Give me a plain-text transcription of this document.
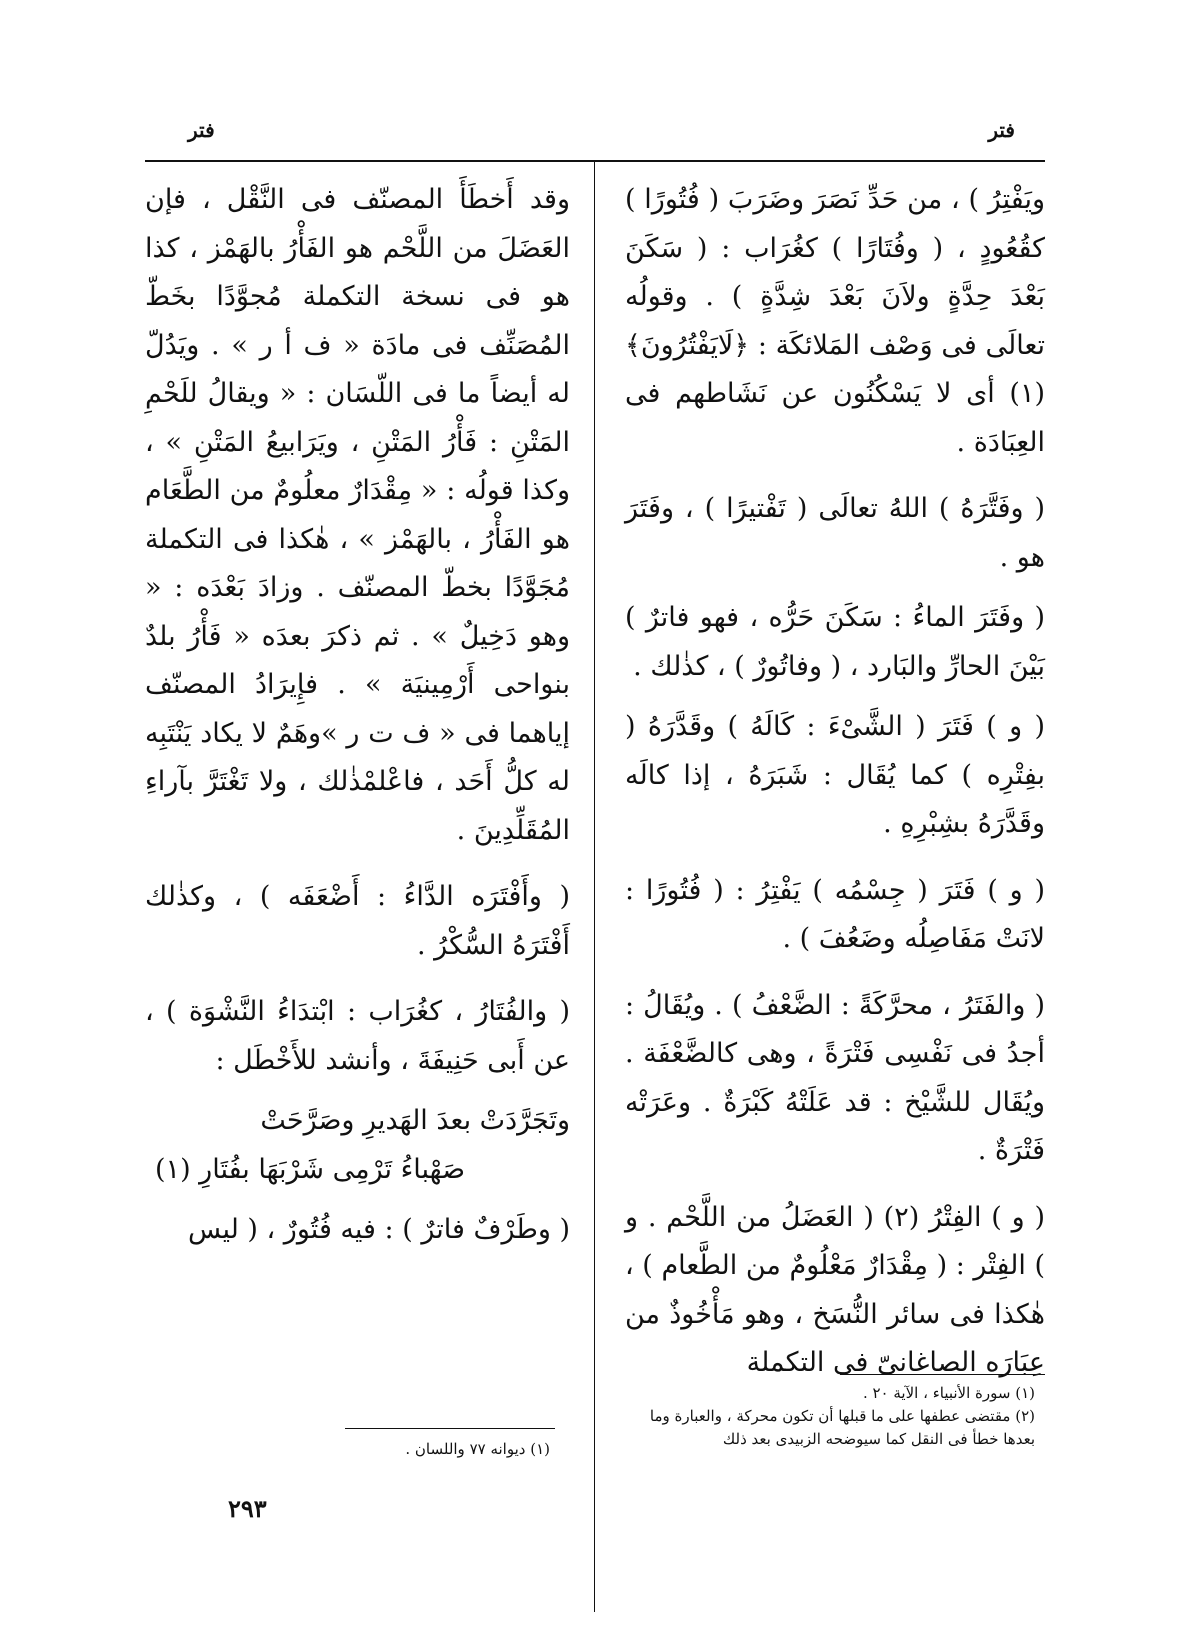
فتر
فتر

ويَفْتِرُ ) ، من حَدِّ نَصَرَ وضَرَبَ ( فُتُورًا ) كقُعُودٍ ، ( وفُتَارًا ) كغُرَاب : ( سَكَنَ بَعْدَ حِدَّةٍ ولاَنَ بَعْدَ شِدَّةٍ ) . وقولُه تعالَى فى وَصْف المَلائكَة : ﴿لَايَفْتُرُونَ﴾ (١) أى لا يَسْكُنُون عن نَشَاطهم فى العِبَادَة .

( وفَتَّرَهُ ) اللهُ تعالَى ( تَفْتيرًا ) ، وفَتَرَ هو .

( وفَتَرَ الماءُ : سَكَنَ حَرُّه ، فهو فاترٌ ) بَيْنَ الحارِّ والبَارد ، ( وفاتُورٌ ) ، كذٰلك .

( و ) فَتَرَ ( الشَّىْءَ : كَالَهُ ) وقَدَّرَهُ ( بفِتْرِه ) كما يُقَال : شَبَرَهُ ، إذا كالَه وقَدَّرَهُ بشِبْرِهِ .

( و ) فَتَرَ ( جِسْمُه ) يَفْتِرُ : ( فُتُورًا : لانَتْ مَفَاصِلُه وضَعُفَ ) .

( والفَتَرُ ، محرَّكَةً : الضَّعْفُ ) . ويُقَالُ : أجدُ فى نَفْسِى فَتْرَةً ، وهى كالضَّعْفَة . ويُقَال للشَّيْخ : قد عَلَتْهُ كَبْرَةٌ . وعَرَتْه فَتْرَةٌ .

( و ) الفِتْرُ (٢) ( العَضَلُ من اللَّحْم . و ) الفِتْر : ( مِقْدَارٌ مَعْلُومٌ من الطَّعام ) ، هٰكذا فى سائر النُّسَخ ، وهو مَأْخُوذٌ من عِبَارَه الصاغانىّ فى التكملة

وقد أَخطَأَ المصنّف فى النَّقْل ، فإن العَضَلَ من اللَّحْم هو الفَأْرُ بالهَمْز ، كذا هو فى نسخة التكملة مُجوَّدًا بخَطّ المُصَنِّف فى مادَة « ف أ ر » . ويَدُلّ له أيضاً ما فى اللّسَان : « ويقالُ للَحْمِ المَتْنِ : فَأْرُ المَتْنِ ، ويَرَابيعُ المَتْنِ » ، وكذا قولُه : « مِقْدَارٌ معلُومٌ من الطَّعَام هو الفَأْرُ ، بالهَمْز » ، هٰكذا فى التكملة مُجَوَّدًا بخطّ المصنّف . وزادَ بَعْدَه : « وهو دَخِيلٌ » . ثم ذكرَ بعدَه « فَأْرُ بلدٌ بنواحى أَرْمِينيَة » . فإِيرَادُ المصنّف إياهما فى « ف ت ر »وهَمٌ لا يكاد يَنْتَبِه له كلُّ أَحَد ، فاعْلمْذٰلك ، ولا تَغْتَرَّ بآراءِ المُقَلِّدِينَ .

( وأَفْتَرَه الدَّاءُ : أَضْعَفَه ) ، وكذٰلك أَفْتَرَهُ السُّكْرُ .

( والفُتَارُ ، كغُرَاب : ابْتدَاءُ النَّشْوَة ) ، عن أَبى حَنِيفَةَ ، وأنشد للأَخْطَل :

وتَجَرَّدَتْ بعدَ الهَديرِ وصَرَّحَتْ

صَهْباءُ تَرْمِى شَرْبَهَا بفُتَارِ (١)

( وطَرْفٌ فاترٌ ) : فيه فُتُورٌ ، ( ليس

(١) سورة الأنبياء ، الآية ٢٠ .

(٢) مقتضى عطفها على ما قبلها أن تكون محركة ، والعبارة وما بعدها خطأ فى النقل كما سيوضحه الزبيدى بعد ذلك

(١) ديوانه ٧٧ واللسان .

٢٩٣
